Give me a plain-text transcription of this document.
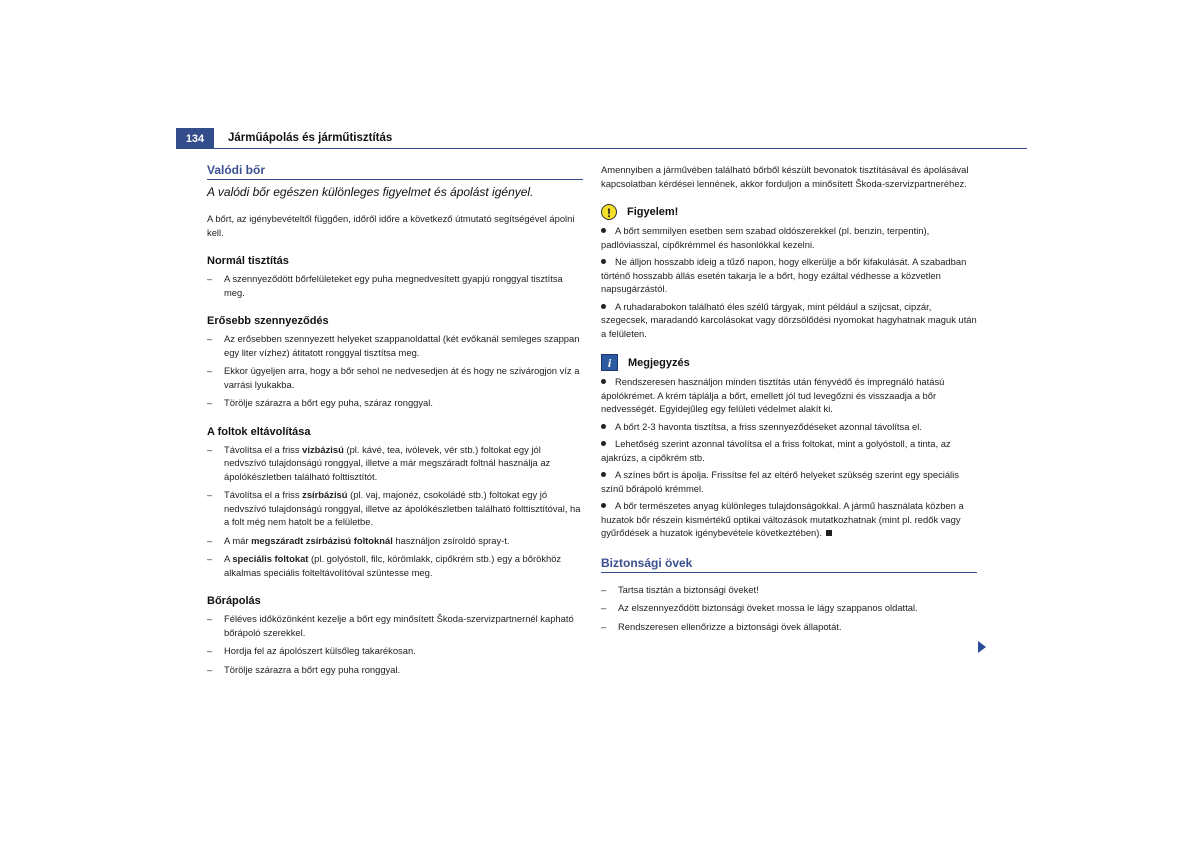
134	Járműápolás és járműtisztítás
Valódi bőr
A valódi bőr egészen különleges figyelmet és ápolást igényel.

A bőrt, az igénybevételtől függően, időről időre a következő útmutató segítségével ápolni kell.

Normál tisztítás
– A szennyeződött bőrfelületeket egy puha megnedvesített gyapjú ronggyal tisztítsa meg.
Erősebb szennyeződés
– Az erősebben szennyezett helyeket szappanoldattal (két evőkanál semleges szappan egy liter vízhez) átitatott ronggyal tisztítsa meg.
– Ekkor ügyeljen arra, hogy a bőr sehol ne nedvesedjen át és hogy ne szivárogjon víz a varrási lyukakba.
– Törölje szárazra a bőrt egy puha, száraz ronggyal.
A foltok eltávolítása
– Távolítsa el a friss vízbázisú (pl. kávé, tea, ivólevek, vér stb.) foltokat egy jól nedvszívó tulajdonságú ronggyal, illetve a már megszáradt foltnál használja az ápolókészletben található folttisztítót.
– Távolítsa el a friss zsírbázisú (pl. vaj, majonéz, csokoládé stb.) foltokat egy jó nedvszívó tulajdonságú ronggyal, illetve az ápolókészletben található folttisztítóval, ha a folt még nem hatolt be a felületbe.
– A már megszáradt zsírbázisú foltoknál használjon zsíroldó spray-t.
– A speciális foltokat (pl. golyóstoll, filc, körömlakk, cipőkrém stb.) egy a bőrökhöz alkalmas speciális folteltávolítóval szüntesse meg.
Bőrápolás
– Féléves időközönként kezelje a bőrt egy minősített Škoda-szervizpartnernél kapható bőrápoló szerekkel.
– Hordja fel az ápolószert külsőleg takarékosan.
– Törölje szárazra a bőrt egy puha ronggyal.

Amennyiben a járművében található bőrből készült bevonatok tisztításával és ápolásával kapcsolatban kérdései lennének, akkor forduljon a minősített Škoda-szervizpartneréhez.

!	Figyelem!
A bőrt semmilyen esetben sem szabad oldószerekkel (pl. benzin, terpentin), padlóviasszal, cipőkrémmel és hasonlókkal kezelni.
Ne álljon hosszabb ideig a tűző napon, hogy elkerülje a bőr kifakulását. A szabadban történő hosszabb állás esetén takarja le a bőrt, hogy ezáltal védhesse a közvetlen napsugárzástól.
A ruhadarabokon található éles szélű tárgyak, mint például a szijcsat, cipzár, szegecsek, maradandó karcolásokat vagy dörzsölődési nyomokat hagyhatnak maguk után a felületen.
i	Megjegyzés
Rendszeresen használjon minden tisztítás után fényvédő és impregnáló hatású ápolókrémet. A krém táplálja a bőrt, emellett jól tud levegőzni és visszaadja a bőr nedvességét. Egyidejűleg egy felületi védelmet alakít ki.
A bőrt 2-3 havonta tisztítsa, a friss szennyeződéseket azonnal távolítsa el.
Lehetőség szerint azonnal távolítsa el a friss foltokat, mint a golyóstoll, a tinta, az ajakrúzs, a cipőkrém stb.
A színes bőrt is ápolja. Frissítse fel az eltérő helyeket szükség szerint egy speciális színű bőrápoló krémmel.
A bőr természetes anyag különleges tulajdonságokkal. A jármű használata közben a huzatok bőr részein kismértékű optikai változások mutatkozhatnak (mint pl. redők vagy gyűrődések a huzatok igénybevétele következtében).
Biztonsági övek
– Tartsa tisztán a biztonsági öveket!
– Az elszennyeződött biztonsági öveket mossa le lágy szappanos oldattal.
– Rendszeresen ellenőrizze a biztonsági övek állapotát.
